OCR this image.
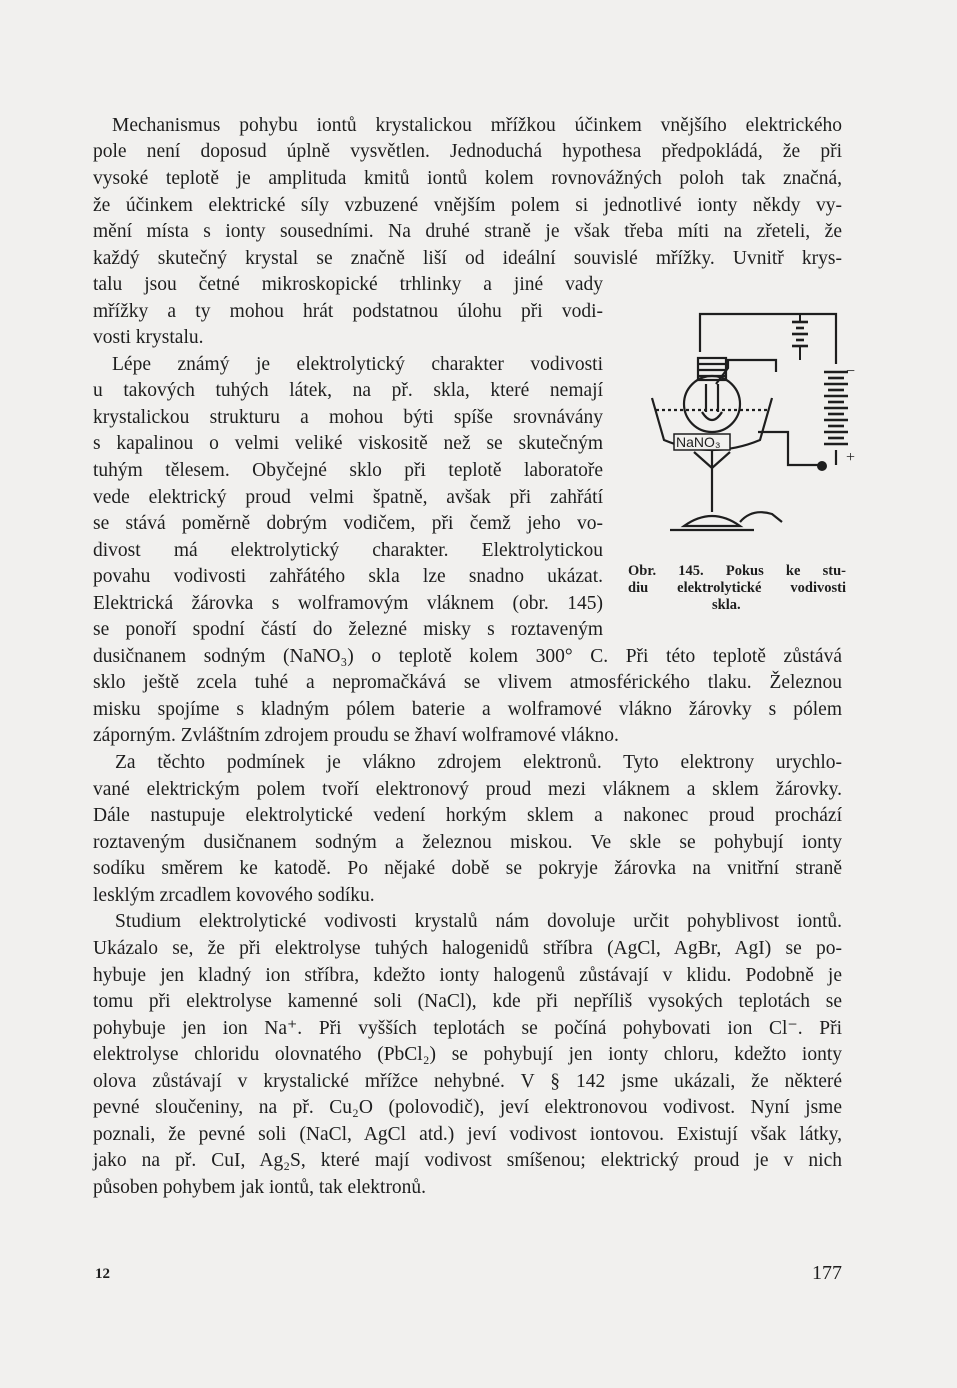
Mechanismus pohybu iontů krystalickou mřížkou účinkem vnějšího elektrického
pole není doposud úplně vysvětlen. Jednoduchá hypothesa předpokládá, že při
vysoké teplotě je amplituda kmitů iontů kolem rovnovážných poloh tak značná,
že účinkem elektrické síly vzbuzené vnějším polem si jednotlivé ionty někdy vy-
mění místa s ionty sousedními. Na druhé straně je však třeba míti na zřeteli, že
každý skutečný krystal se značně liší od ideální souvislé mřížky. Uvnitř krys-
talu jsou četné mikroskopické trhlinky a jiné vady
mřížky a ty mohou hrát podstatnou úlohu při vodi-
vosti krystalu.
Lépe známý je elektrolytický charakter vodivosti
u takových tuhých látek, na př. skla, které nemají
krystalickou strukturu a mohou býti spíše srovnávány
s kapalinou o velmi veliké viskositě než se skutečným
tuhým tělesem. Obyčejné sklo při teplotě laboratoře
vede elektrický proud velmi špatně, avšak při zahřátí
se stává poměrně dobrým vodičem, při čemž jeho vo-
divost má elektrolytický charakter. Elektrolytickou
povahu vodivosti zahřátého skla lze snadno ukázat.
Elektrická žárovka s wolframovým vláknem (obr. 145)
se ponoří spodní částí do železné misky s roztaveným
dusičnanem sodným (NaNO₃) o teplotě kolem 300° C. Při této teplotě zůstává
sklo ještě zcela tuhé a nepromačkává se vlivem atmosférického tlaku. Železnou
misku spojíme s kladným pólem baterie a wolframové vlákno žárovky s pólem
záporným. Zvláštním zdrojem proudu se žhaví wolframové vlákno.
Za těchto podmínek je vlákno zdrojem elektronů. Tyto elektrony urychlo-
vané elektrickým polem tvoří elektronový proud mezi vláknem a sklem žárovky.
Dále nastupuje elektrolytické vedení horkým sklem a nakonec proud prochází
roztaveným dusičnanem sodným a železnou miskou. Ve skle se pohybují ionty
sodíku směrem ke katodě. Po nějaké době se pokryje žárovka na vnitřní straně
lesklým zrcadlem kovového sodíku.
Studium elektrolytické vodivosti krystalů nám dovoluje určit pohyblivost iontů.
Ukázalo se, že při elektrolyse tuhých halogenidů stříbra (AgCl, AgBr, AgI) se po-
hybuje jen kladný ion stříbra, kdežto ionty halogenů zůstávají v klidu. Podobně je
tomu při elektrolyse kamenné soli (NaCl), kde při nepříliš vysokých teplotách se
pohybuje jen ion Na⁺. Při vyšších teplotách se počíná pohybovati ion Cl⁻. Při
elektrolyse chloridu olovnatého (PbCl₂) se pohybují jen ionty chloru, kdežto ionty
olova zůstávají v krystalické mřížce nehybné. V § 142 jsme ukázali, že některé
pevné sloučeniny, na př. Cu₂O (polovodič), jeví elektronovou vodivost. Nyní jsme
poznali, že pevné soli (NaCl, AgCl atd.) jeví vodivost iontovou. Existují však látky,
jako na př. CuI, Ag₂S, které mají vodivost smíšenou; elektrický proud je v nich
působen pohybem jak iontů, tak elektronů.
−
+
NaNO₃
Obr. 145. Pokus ke stu-
diu elektrolytické vodivosti
skla.
12	177
